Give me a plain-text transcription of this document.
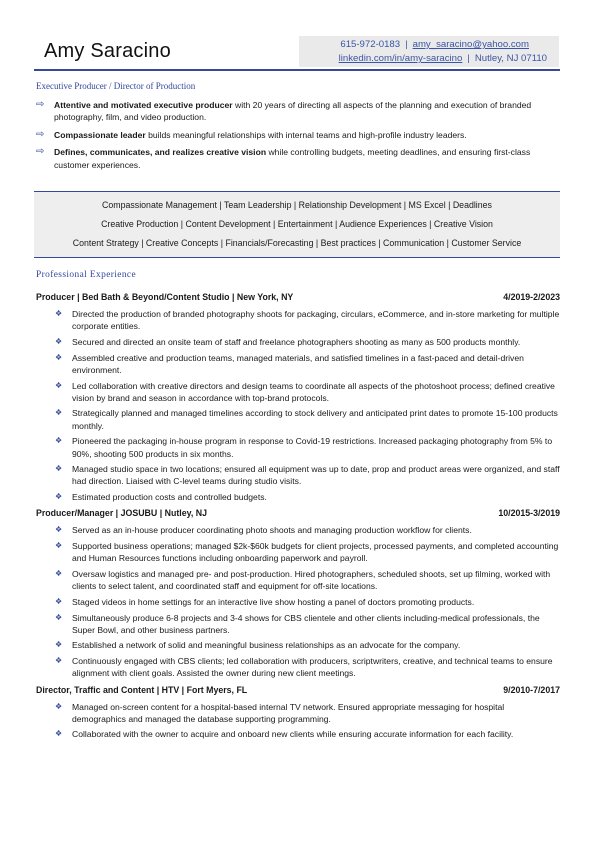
Amy Saracino	615-972-0183 | amy_saracino@yahoo.com
linkedin.com/in/amy-saracino | Nutley, NJ 07110
Executive Producer / Director of Production
⇨ Attentive and motivated executive producer with 20 years of directing all aspects of the planning and execution of branded photography, film, and video production.
⇨ Compassionate leader builds meaningful relationships with internal teams and high-profile industry leaders.
⇨ Defines, communicates, and realizes creative vision while controlling budgets, meeting deadlines, and ensuring first-class customer experiences.
Compassionate Management | Team Leadership | Relationship Development | MS Excel | Deadlines
Creative Production | Content Development | Entertainment | Audience Experiences | Creative Vision
Content Strategy | Creative Concepts | Financials/Forecasting | Best practices | Communication | Customer Service
Professional Experience
Producer | Bed Bath & Beyond/Content Studio | New York, NY	4/2019-2/2023
❖ Directed the production of branded photography shoots for packaging, circulars, eCommerce, and in-store marketing for multiple corporate entities.
❖ Secured and directed an onsite team of staff and freelance photographers shooting as many as 500 products monthly.
❖ Assembled creative and production teams, managed materials, and satisfied timelines in a fast-paced and detail-driven environment.
❖ Led collaboration with creative directors and design teams to coordinate all aspects of the photoshoot process; defined creative vision by brand and season in accordance with top-brand protocols.
❖ Strategically planned and managed timelines according to stock delivery and anticipated print dates to promote 15-100 products monthly.
❖ Pioneered the packaging in-house program in response to Covid-19 restrictions. Increased packaging photography from 5% to 90%, shooting 500 products in six months.
❖ Managed studio space in two locations; ensured all equipment was up to date, prop and product areas were organized, and staff had direction. Liaised with C-level teams during studio visits.
❖ Estimated production costs and controlled budgets.
Producer/Manager | JOSUBU | Nutley, NJ	10/2015-3/2019
❖ Served as an in-house producer coordinating photo shoots and managing production workflow for clients.
❖ Supported business operations; managed $2k-$60k budgets for client projects, processed payments, and completed accounting and Human Resources functions including onboarding paperwork and payroll.
❖ Oversaw logistics and managed pre- and post-production. Hired photographers, scheduled shoots, set up filming, worked with clients to select talent, and coordinated staff and equipment for off-site locations.
❖ Staged videos in home settings for an interactive live show hosting a panel of doctors promoting products.
❖ Simultaneously produce 6-8 projects and 3-4 shows for CBS clientele and other clients including-medical professionals, the Super Bowl, and other business partners.
❖ Established a network of solid and meaningful business relationships as an advocate for the company.
❖ Continuously engaged with CBS clients; led collaboration with producers, scriptwriters, creative, and technical teams to ensure alignment with client goals. Assisted the owner during new client meetings.
Director, Traffic and Content | HTV | Fort Myers, FL	9/2010-7/2017
❖ Managed on-screen content for a hospital-based internal TV network. Ensured appropriate messaging for hospital demographics and managed the database supporting programming.
❖ Collaborated with the owner to acquire and onboard new clients while ensuring accurate information for each facility.
